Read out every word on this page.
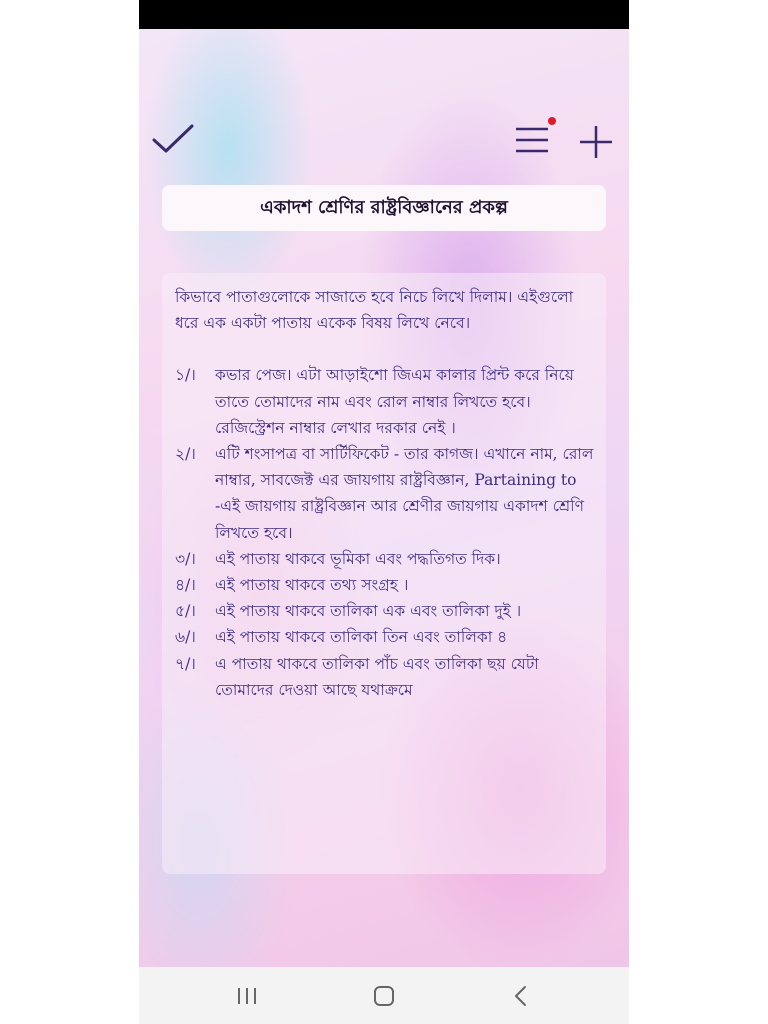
একাদশ শ্রেণির রাষ্ট্রবিজ্ঞানের প্রকল্প

কিভাবে পাতাগুলোকে সাজাতে হবে নিচে লিখে দিলাম। এইগুলো ধরে এক একটা পাতায় একেক বিষয় লিখে নেবে।

১/।	কভার পেজ। এটা আড়াইশো জিএম কালার প্রিন্ট করে নিয়ে তাতে তোমাদের নাম এবং রোল নাম্বার লিখতে হবে। রেজিস্ট্রেশন নাম্বার লেখার দরকার নেই ।
২/।	এটি শংসাপত্র বা সার্টিফিকেট - তার কাগজ। এখানে নাম, রোল নাম্বার, সাবজেক্ট এর জায়গায় রাষ্ট্রবিজ্ঞান, Partaining to -এই জায়গায় রাষ্ট্রবিজ্ঞান আর শ্রেণীর জায়গায় একাদশ শ্রেণি লিখতে হবে।
৩/।	এই পাতায় থাকবে ভূমিকা এবং পদ্ধতিগত দিক।
৪/।	এই পাতায় থাকবে তথ্য সংগ্রহ ।
৫/।	এই পাতায় থাকবে তালিকা এক এবং তালিকা দুই ।
৬/।	এই পাতায় থাকবে তালিকা তিন এবং তালিকা ৪
৭/।	এ পাতায় থাকবে তালিকা পাঁচ এবং তালিকা ছয় যেটা তোমাদের দেওয়া আছে যথাক্রমে
